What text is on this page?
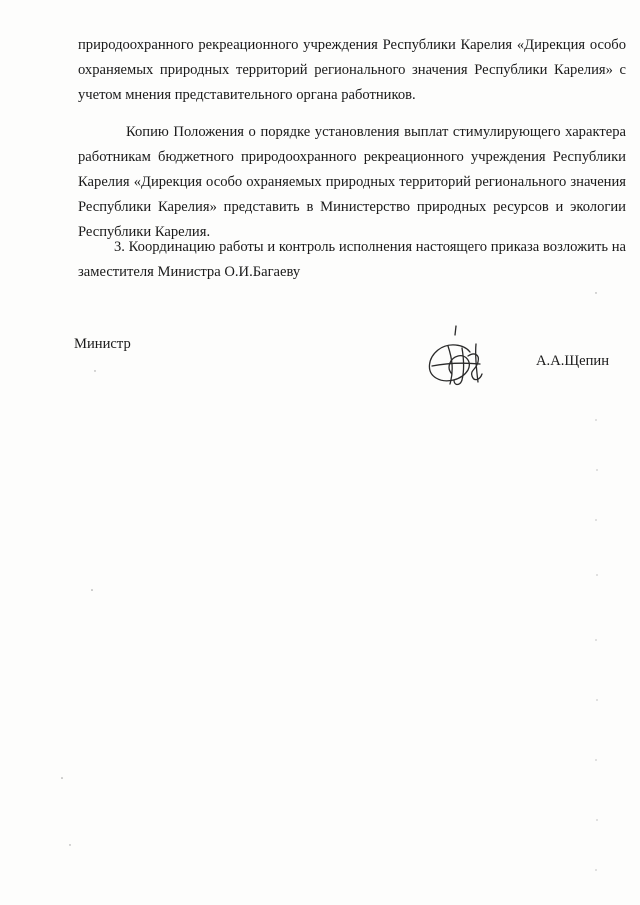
природоохранного рекреационного учреждения Республики Карелия «Дирекция особо охраняемых природных территорий регионального значения Республики Карелия» с учетом мнения представительного органа работников.

Копию Положения о порядке установления выплат стимулирующего характера работникам бюджетного природоохранного рекреационного учреждения Республики Карелия «Дирекция особо охраняемых природных территорий регионального значения Республики Карелия» представить в Министерство природных ресурсов и экологии Республики Карелия.

3. Координацию работы и контроль исполнения настоящего приказа возложить на заместителя Министра О.И.Багаеву

Министр

А.А.Щепин
